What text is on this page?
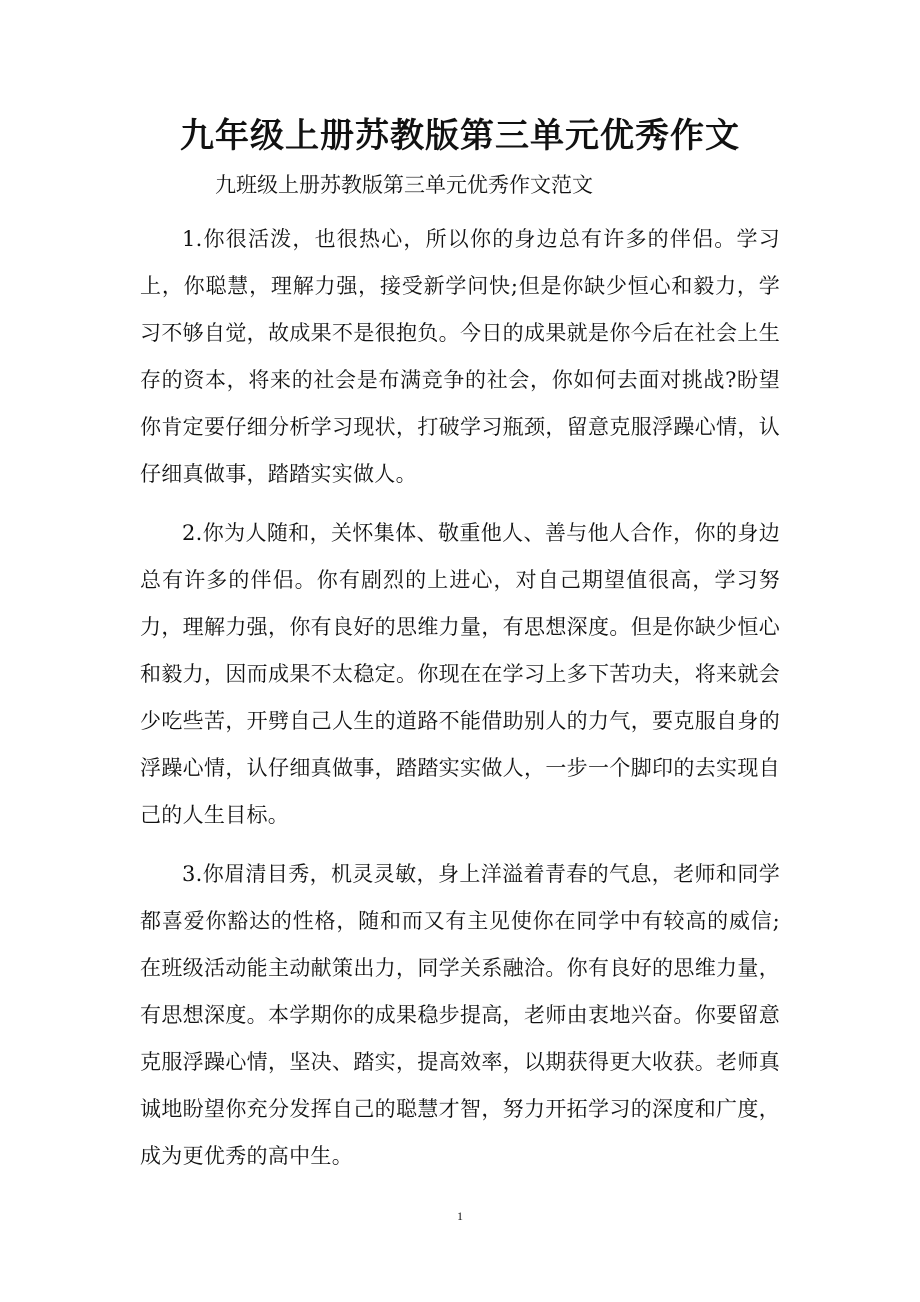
九年级上册苏教版第三单元优秀作文

九班级上册苏教版第三单元优秀作文范文

1.你很活泼，也很热心，所以你的身边总有许多的伴侣。学习上，你聪慧，理解力强，接受新学问快;但是你缺少恒心和毅力，学习不够自觉，故成果不是很抱负。今日的成果就是你今后在社会上生存的资本，将来的社会是布满竞争的社会，你如何去面对挑战?盼望你肯定要仔细分析学习现状，打破学习瓶颈，留意克服浮躁心情，认仔细真做事，踏踏实实做人。

2.你为人随和，关怀集体、敬重他人、善与他人合作，你的身边总有许多的伴侣。你有剧烈的上进心，对自己期望值很高，学习努力，理解力强，你有良好的思维力量，有思想深度。但是你缺少恒心和毅力，因而成果不太稳定。你现在在学习上多下苦功夫，将来就会少吃些苦，开劈自己人生的道路不能借助别人的力气，要克服自身的浮躁心情，认仔细真做事，踏踏实实做人，一步一个脚印的去实现自己的人生目标。

3.你眉清目秀，机灵灵敏，身上洋溢着青春的气息，老师和同学都喜爱你豁达的性格，随和而又有主见使你在同学中有较高的威信;在班级活动能主动献策出力，同学关系融洽。你有良好的思维力量，有思想深度。本学期你的成果稳步提高，老师由衷地兴奋。你要留意克服浮躁心情，坚决、踏实，提高效率，以期获得更大收获。老师真诚地盼望你充分发挥自己的聪慧才智，努力开拓学习的深度和广度，成为更优秀的高中生。

1
